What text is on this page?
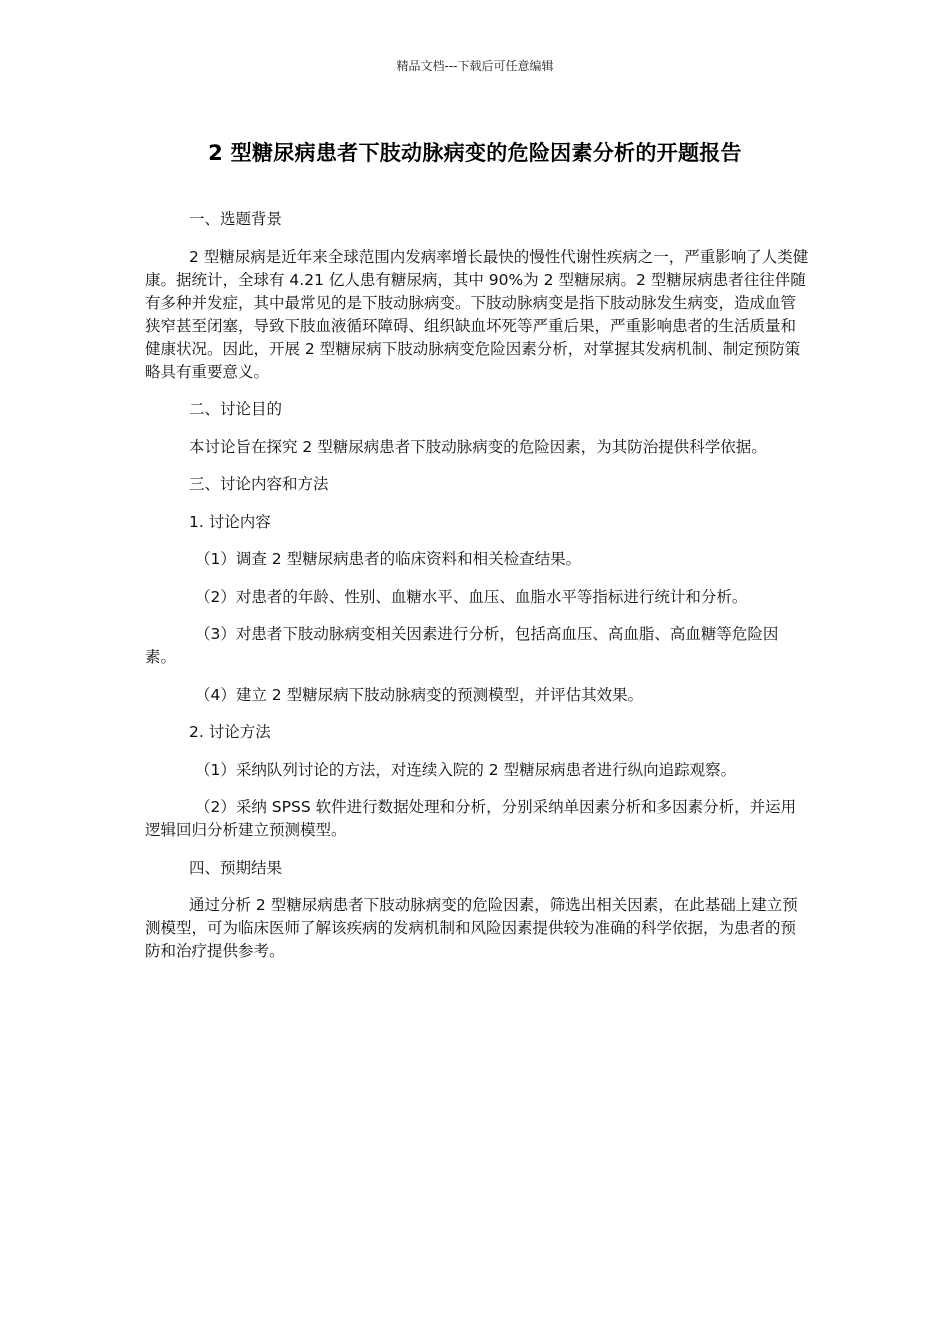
精品文档---下载后可任意编辑
2 型糖尿病患者下肢动脉病变的危险因素分析的开题报告

一、选题背景

2 型糖尿病是近年来全球范围内发病率增长最快的慢性代谢性疾病之一，严重影响了人类健康。据统计，全球有 4.21 亿人患有糖尿病，其中 90%为 2 型糖尿病。2 型糖尿病患者往往伴随有多种并发症，其中最常见的是下肢动脉病变。下肢动脉病变是指下肢动脉发生病变，造成血管狭窄甚至闭塞，导致下肢血液循环障碍、组织缺血坏死等严重后果，严重影响患者的生活质量和健康状况。因此，开展 2 型糖尿病下肢动脉病变危险因素分析，对掌握其发病机制、制定预防策略具有重要意义。

二、讨论目的

本讨论旨在探究 2 型糖尿病患者下肢动脉病变的危险因素，为其防治提供科学依据。

三、讨论内容和方法

1. 讨论内容

（1）调查 2 型糖尿病患者的临床资料和相关检查结果。

（2）对患者的年龄、性别、血糖水平、血压、血脂水平等指标进行统计和分析。

（3）对患者下肢动脉病变相关因素进行分析，包括高血压、高血脂、高血糖等危险因素。

（4）建立 2 型糖尿病下肢动脉病变的预测模型，并评估其效果。

2. 讨论方法

（1）采纳队列讨论的方法，对连续入院的 2 型糖尿病患者进行纵向追踪观察。

（2）采纳 SPSS 软件进行数据处理和分析，分别采纳单因素分析和多因素分析，并运用逻辑回归分析建立预测模型。

四、预期结果

通过分析 2 型糖尿病患者下肢动脉病变的危险因素，筛选出相关因素，在此基础上建立预测模型，可为临床医师了解该疾病的发病机制和风险因素提供较为准确的科学依据，为患者的预防和治疗提供参考。
